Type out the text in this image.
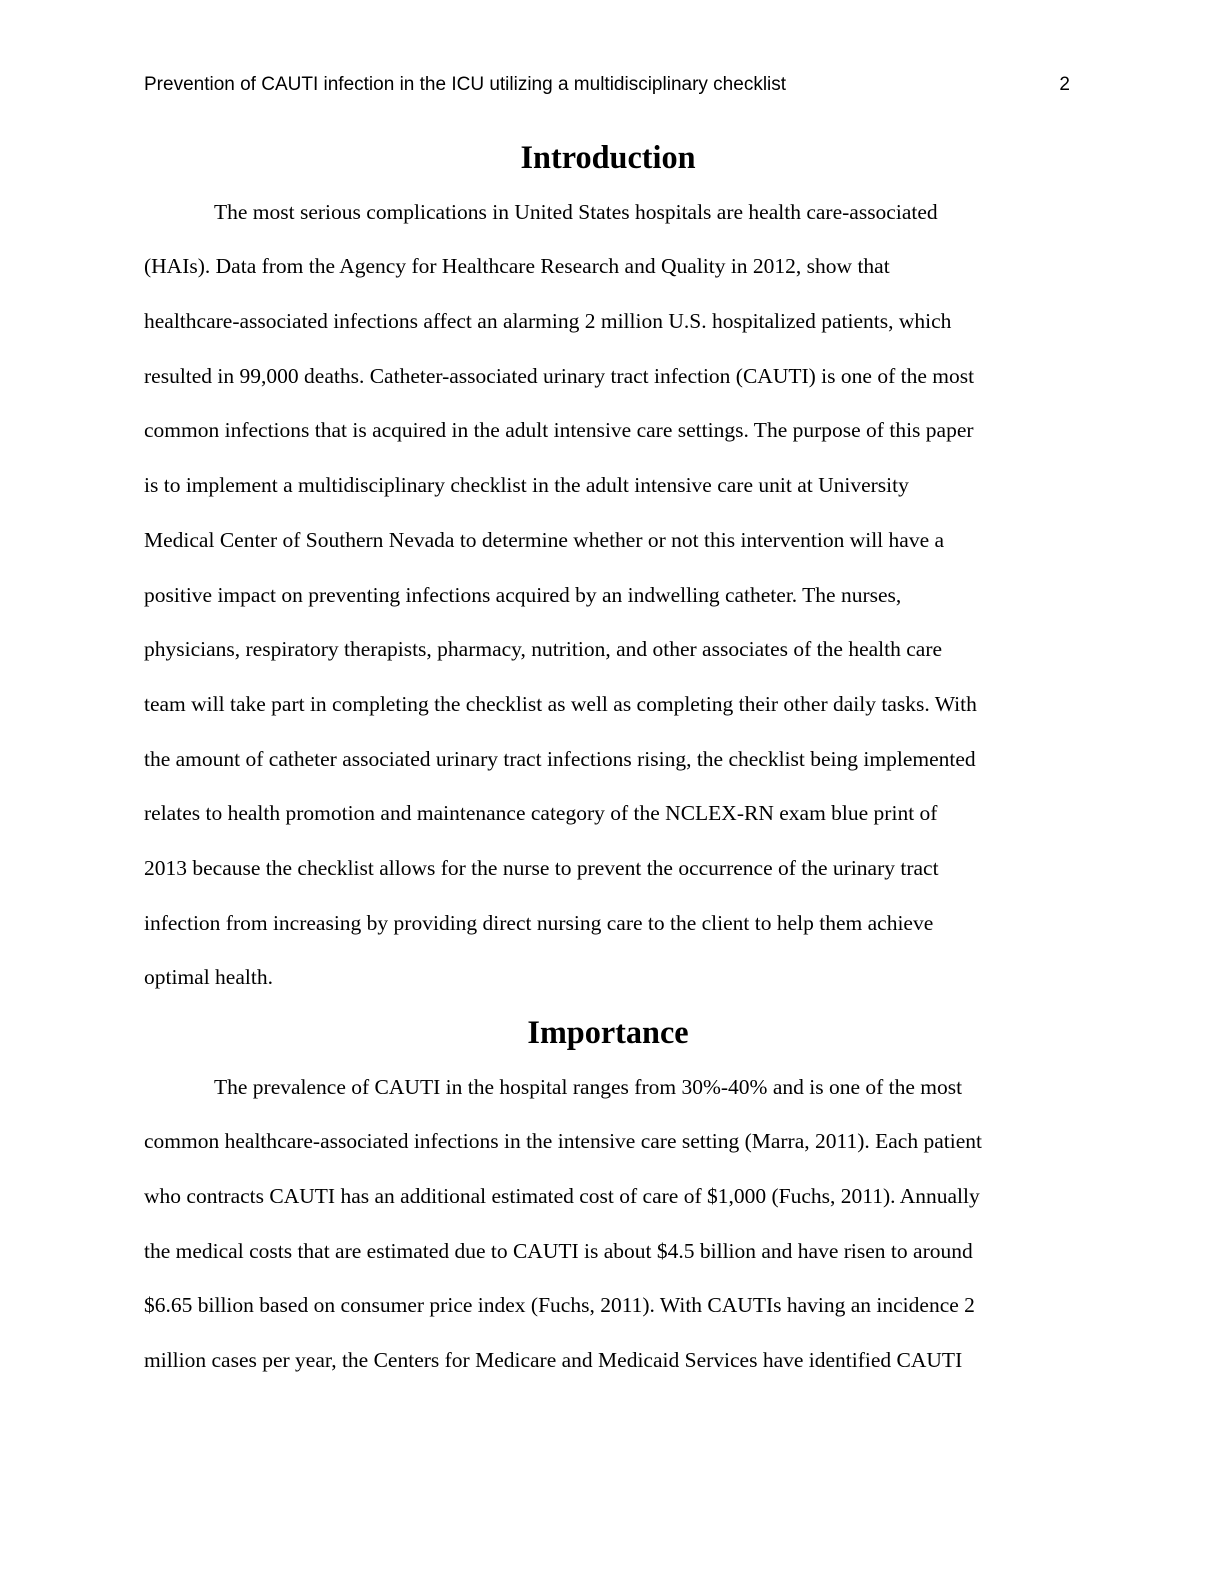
Prevention of CAUTI infection in the ICU utilizing a multidisciplinary checklist	2
Introduction
The most serious complications in United States hospitals are health care-associated
(HAIs). Data from the Agency for Healthcare Research and Quality in 2012, show that
healthcare-associated infections affect an alarming 2 million U.S. hospitalized patients, which
resulted in 99,000 deaths. Catheter-associated urinary tract infection (CAUTI) is one of the most
common infections that is acquired in the adult intensive care settings. The purpose of this paper
is to implement a multidisciplinary checklist in the adult intensive care unit at University
Medical Center of Southern Nevada to determine whether or not this intervention will have a
positive impact on preventing infections acquired by an indwelling catheter. The nurses,
physicians, respiratory therapists, pharmacy, nutrition, and other associates of the health care
team will take part in completing the checklist as well as completing their other daily tasks. With
the amount of catheter associated urinary tract infections rising, the checklist being implemented
relates to health promotion and maintenance category of the NCLEX-RN exam blue print of
2013 because the checklist allows for the nurse to prevent the occurrence of the urinary tract
infection from increasing by providing direct nursing care to the client to help them achieve
optimal health.
Importance
The prevalence of CAUTI in the hospital ranges from 30%-40% and is one of the most
common healthcare-associated infections in the intensive care setting (Marra, 2011). Each patient
who contracts CAUTI has an additional estimated cost of care of $1,000 (Fuchs, 2011). Annually
the medical costs that are estimated due to CAUTI is about $4.5 billion and have risen to around
$6.65 billion based on consumer price index (Fuchs, 2011). With CAUTIs having an incidence 2
million cases per year, the Centers for Medicare and Medicaid Services have identified CAUTI
